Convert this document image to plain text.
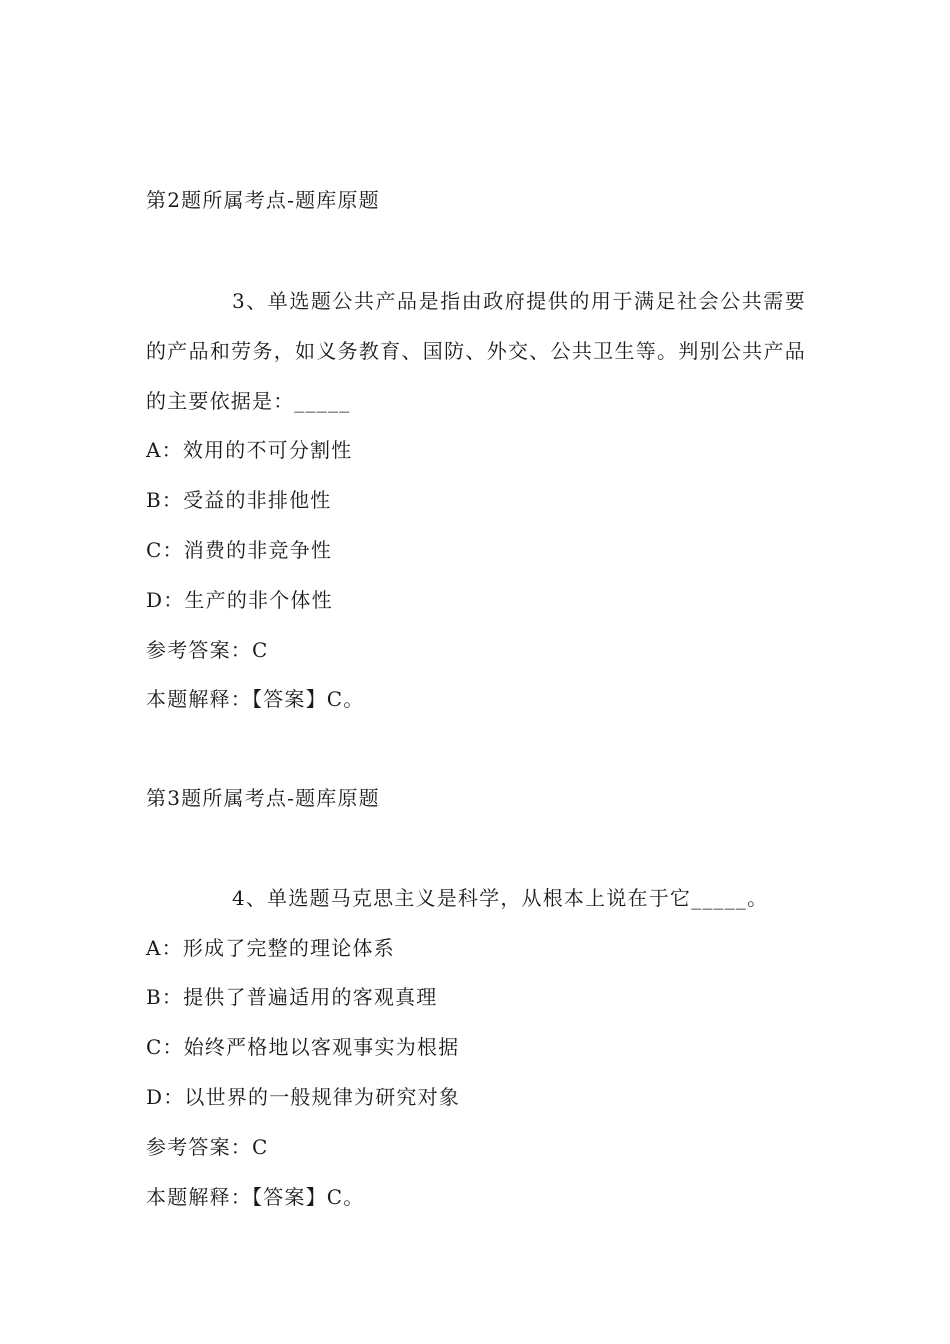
第2题所属考点-题库原题
3、单选题公共产品是指由政府提供的用于满足社会公共需要的产品和劳务，如义务教育、国防、外交、公共卫生等。判别公共产品的主要依据是：_____
A：效用的不可分割性
B：受益的非排他性
C：消费的非竞争性
D：生产的非个体性
参考答案：C
本题解释：【答案】C。
第3题所属考点-题库原题
4、单选题马克思主义是科学，从根本上说在于它_____。
A：形成了完整的理论体系
B：提供了普遍适用的客观真理
C：始终严格地以客观事实为根据
D：以世界的一般规律为研究对象
参考答案：C
本题解释：【答案】C。
